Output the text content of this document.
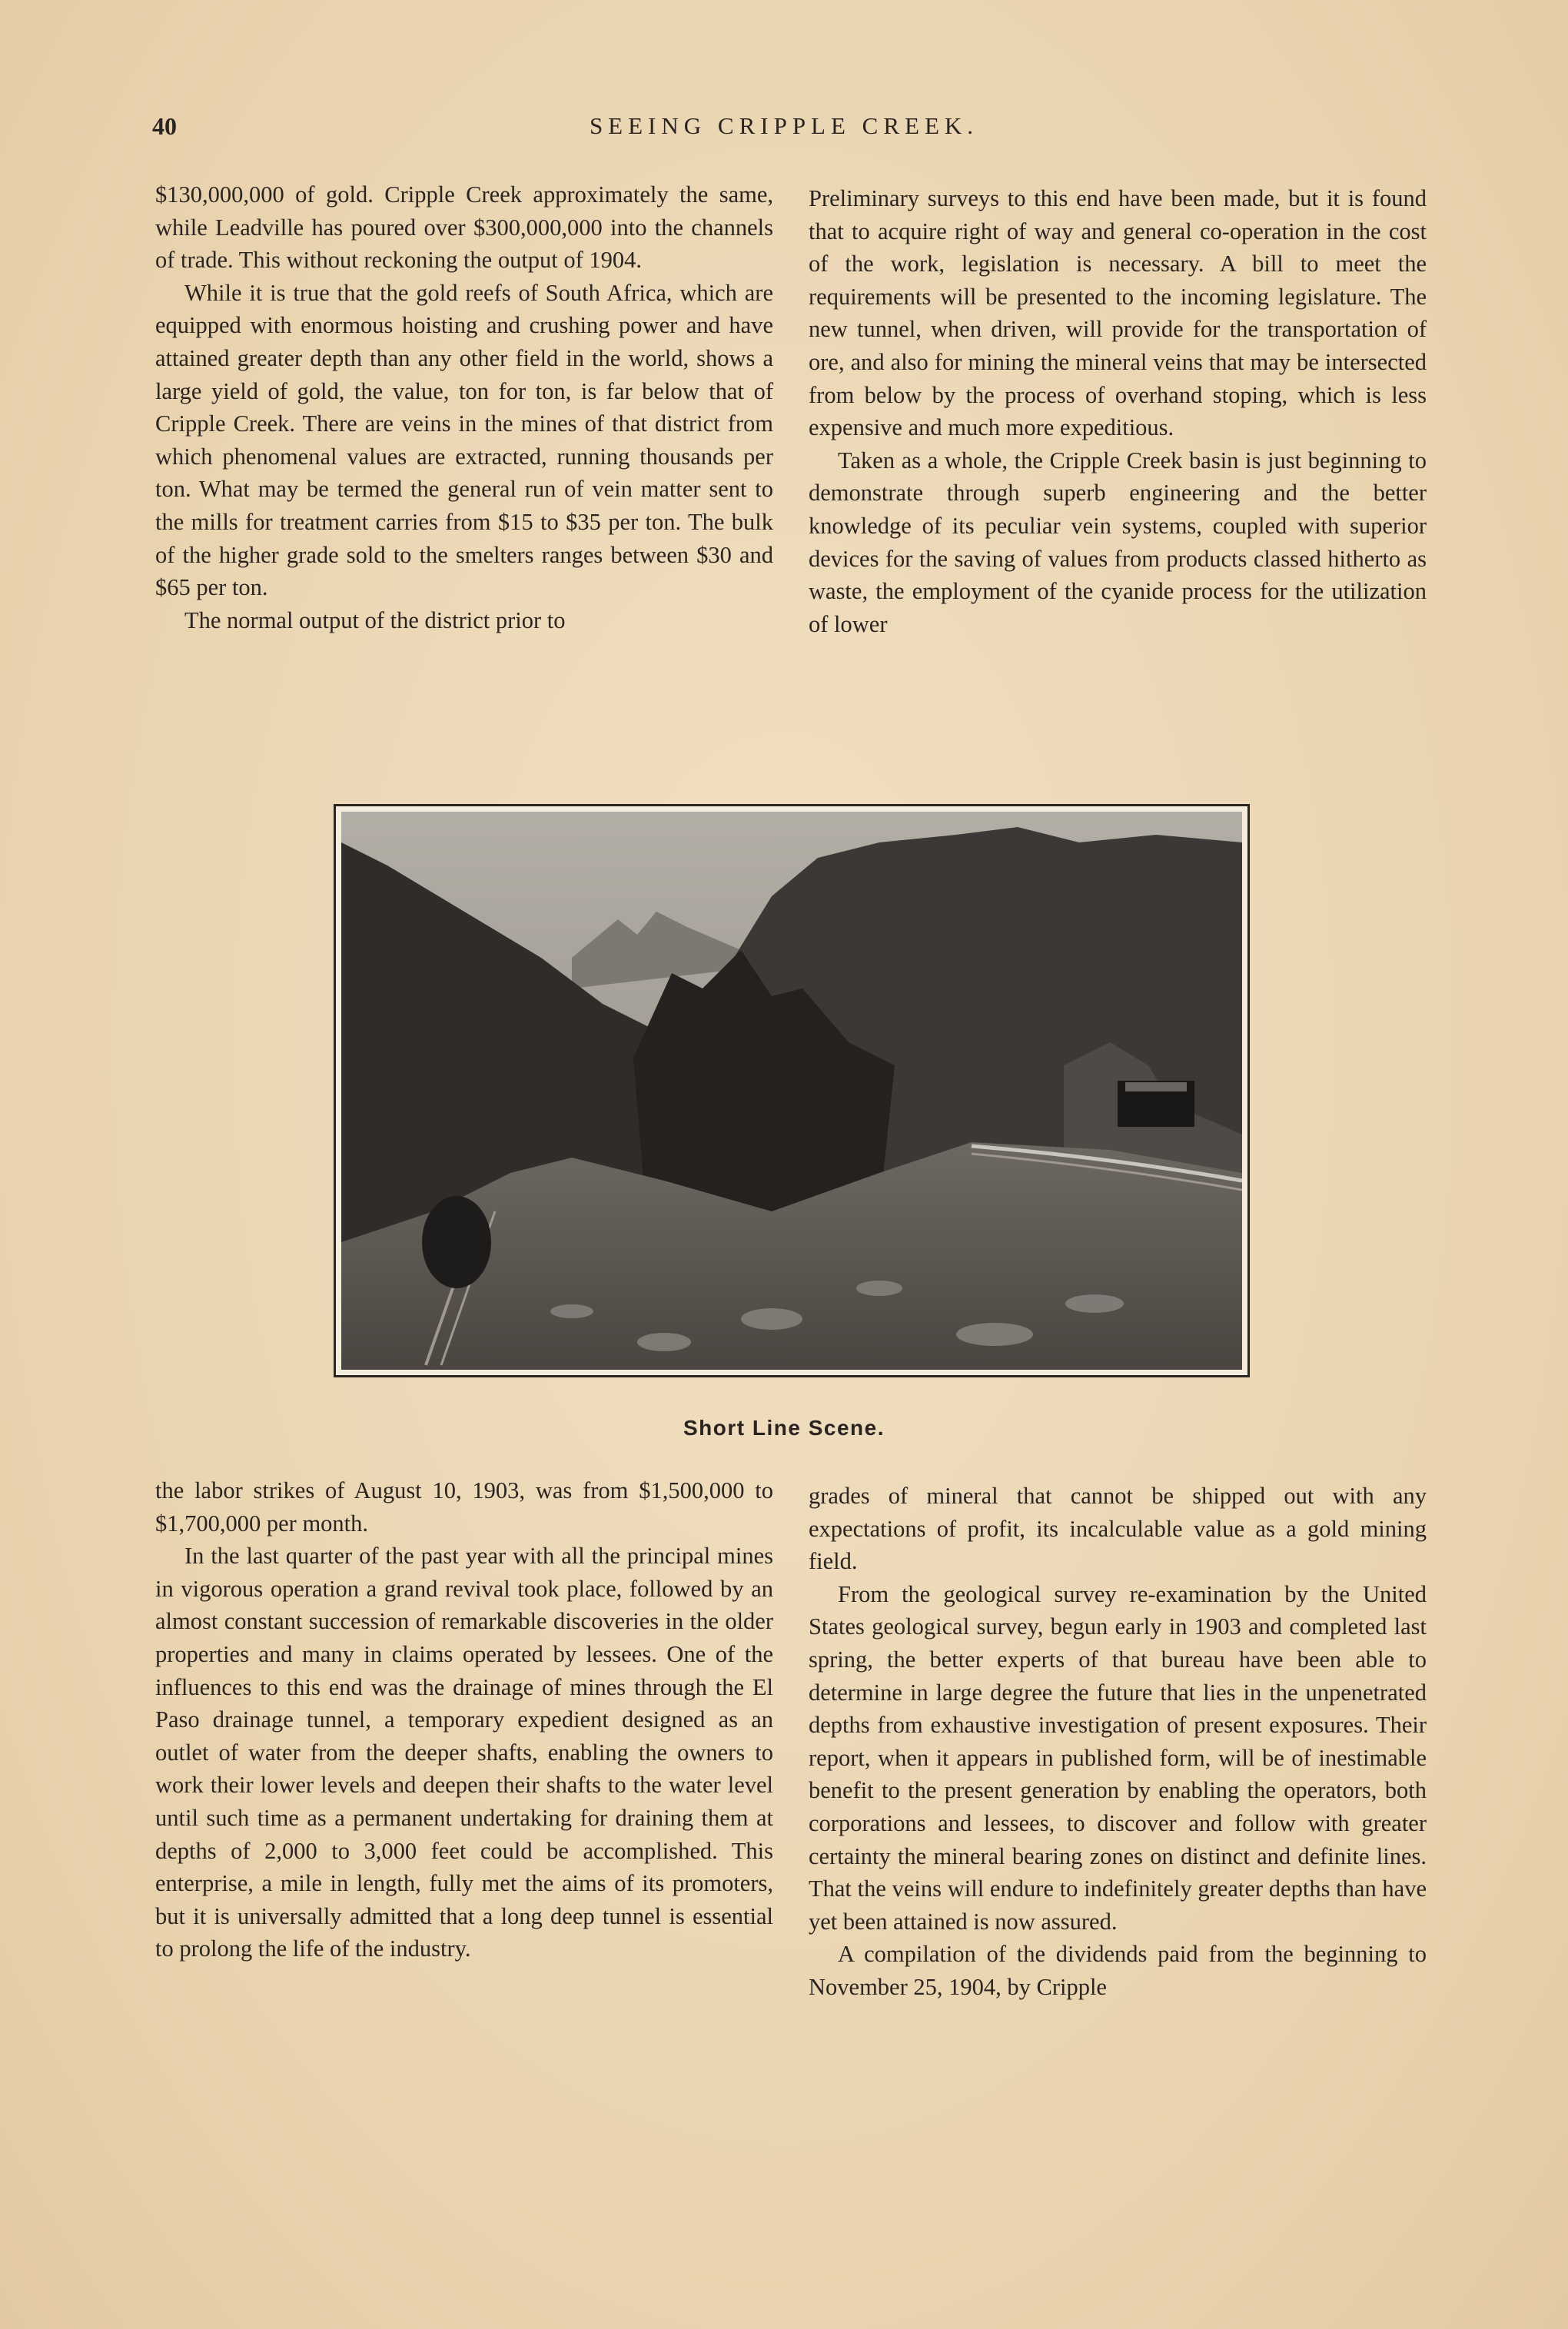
40	SEEING CRIPPLE CREEK.

$130,000,000 of gold. Cripple Creek approximately the same, while Leadville has poured over $300,000,000 into the channels of trade. This without reckoning the output of 1904.

While it is true that the gold reefs of South Africa, which are equipped with enormous hoisting and crushing power and have attained greater depth than any other field in the world, shows a large yield of gold, the value, ton for ton, is far below that of Cripple Creek. There are veins in the mines of that district from which phenomenal values are extracted, running thousands per ton. What may be termed the general run of vein matter sent to the mills for treatment carries from $15 to $35 per ton. The bulk of the higher grade sold to the smelters ranges between $30 and $65 per ton.

The normal output of the district prior to

Preliminary surveys to this end have been made, but it is found that to acquire right of way and general co-operation in the cost of the work, legislation is necessary. A bill to meet the requirements will be presented to the incoming legislature. The new tunnel, when driven, will provide for the transportation of ore, and also for mining the mineral veins that may be intersected from below by the process of overhand stoping, which is less expensive and much more expeditious.

Taken as a whole, the Cripple Creek basin is just beginning to demonstrate through superb engineering and the better knowledge of its peculiar vein systems, coupled with superior devices for the saving of values from products classed hitherto as waste, the employment of the cyanide process for the utilization of lower

Short Line Scene.

the labor strikes of August 10, 1903, was from $1,500,000 to $1,700,000 per month.

In the last quarter of the past year with all the principal mines in vigorous operation a grand revival took place, followed by an almost constant succession of remarkable discoveries in the older properties and many in claims operated by lessees. One of the influences to this end was the drainage of mines through the El Paso drainage tunnel, a temporary expedient designed as an outlet of water from the deeper shafts, enabling the owners to work their lower levels and deepen their shafts to the water level until such time as a permanent undertaking for draining them at depths of 2,000 to 3,000 feet could be accomplished. This enterprise, a mile in length, fully met the aims of its promoters, but it is universally admitted that a long deep tunnel is essential to prolong the life of the industry.

grades of mineral that cannot be shipped out with any expectations of profit, its incalculable value as a gold mining field.

From the geological survey re-examination by the United States geological survey, begun early in 1903 and completed last spring, the better experts of that bureau have been able to determine in large degree the future that lies in the unpenetrated depths from exhaustive investigation of present exposures. Their report, when it appears in published form, will be of inestimable benefit to the present generation by enabling the operators, both corporations and lessees, to discover and follow with greater certainty the mineral bearing zones on distinct and definite lines. That the veins will endure to indefinitely greater depths than have yet been attained is now assured.

A compilation of the dividends paid from the beginning to November 25, 1904, by Cripple
